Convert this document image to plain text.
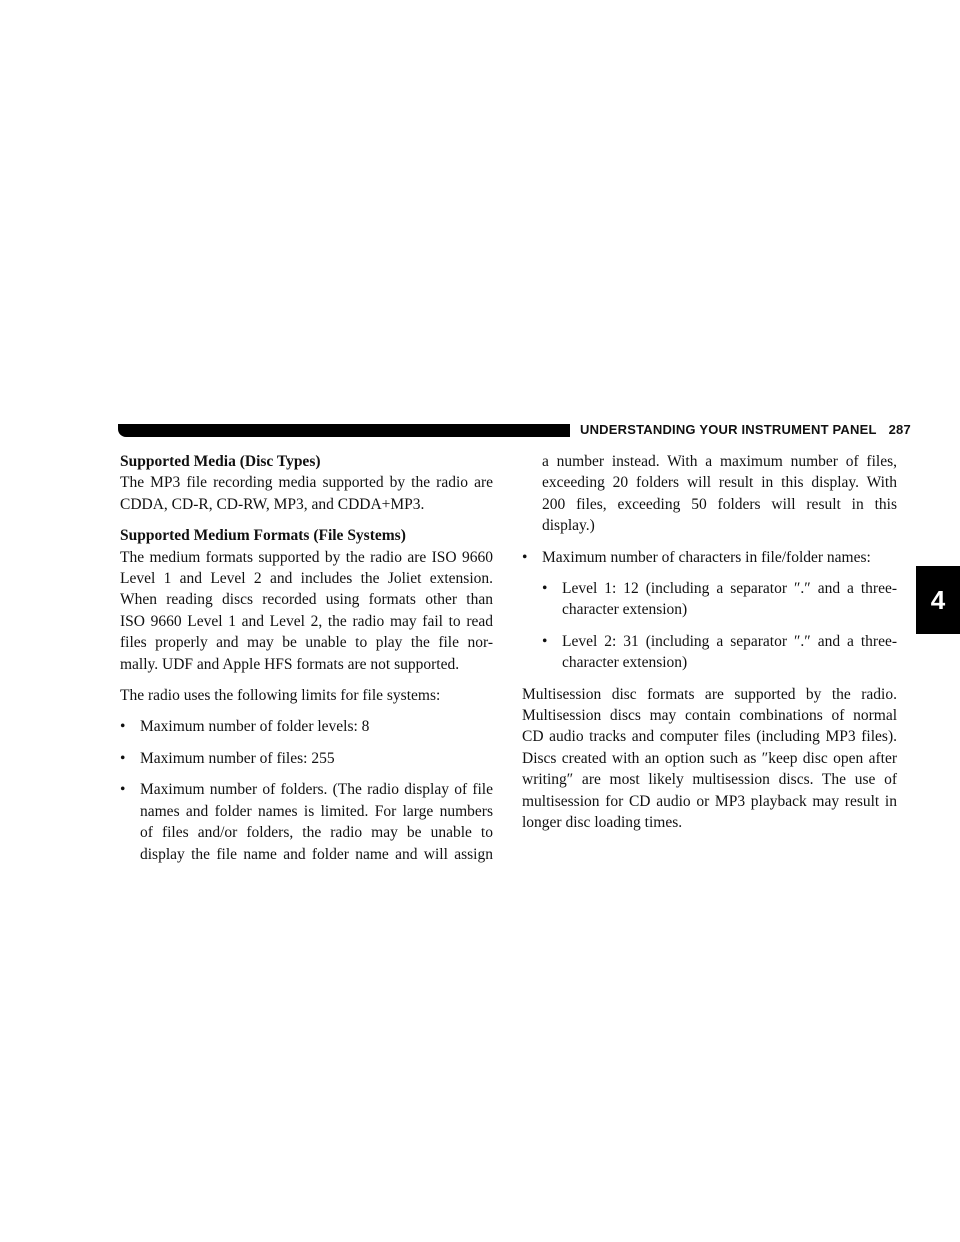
UNDERSTANDING YOUR INSTRUMENT PANEL 287
4

Supported Media (Disc Types)

The MP3 file recording media supported by the radio are

CDDA, CD-R, CD-RW, MP3, and CDDA+MP3.

Supported Medium Formats (File Systems)

The medium formats supported by the radio are ISO 9660

Level 1 and Level 2 and includes the Joliet extension.

When reading discs recorded using formats other than

ISO 9660 Level 1 and Level 2, the radio may fail to read

files properly and may be unable to play the file nor-

mally. UDF and Apple HFS formats are not supported.

The radio uses the following limits for file systems:

• Maximum number of folder levels: 8

• Maximum number of files: 255

• Maximum number of folders. (The radio display of file

names and folder names is limited. For large numbers

of files and/or folders, the radio may be unable to

display the file name and folder name and will assign

a number instead. With a maximum number of files,

exceeding 20 folders will result in this display. With

200 files, exceeding 50 folders will result in this

display.)

• Maximum number of characters in file/folder names:

• Level 1: 12 (including a separator ″.″ and a three-

character extension)

• Level 2: 31 (including a separator ″.″ and a three-

character extension)

Multisession disc formats are supported by the radio.

Multisession discs may contain combinations of normal

CD audio tracks and computer files (including MP3 files).

Discs created with an option such as ″keep disc open after

writing″ are most likely multisession discs. The use of

multisession for CD audio or MP3 playback may result in

longer disc loading times.
